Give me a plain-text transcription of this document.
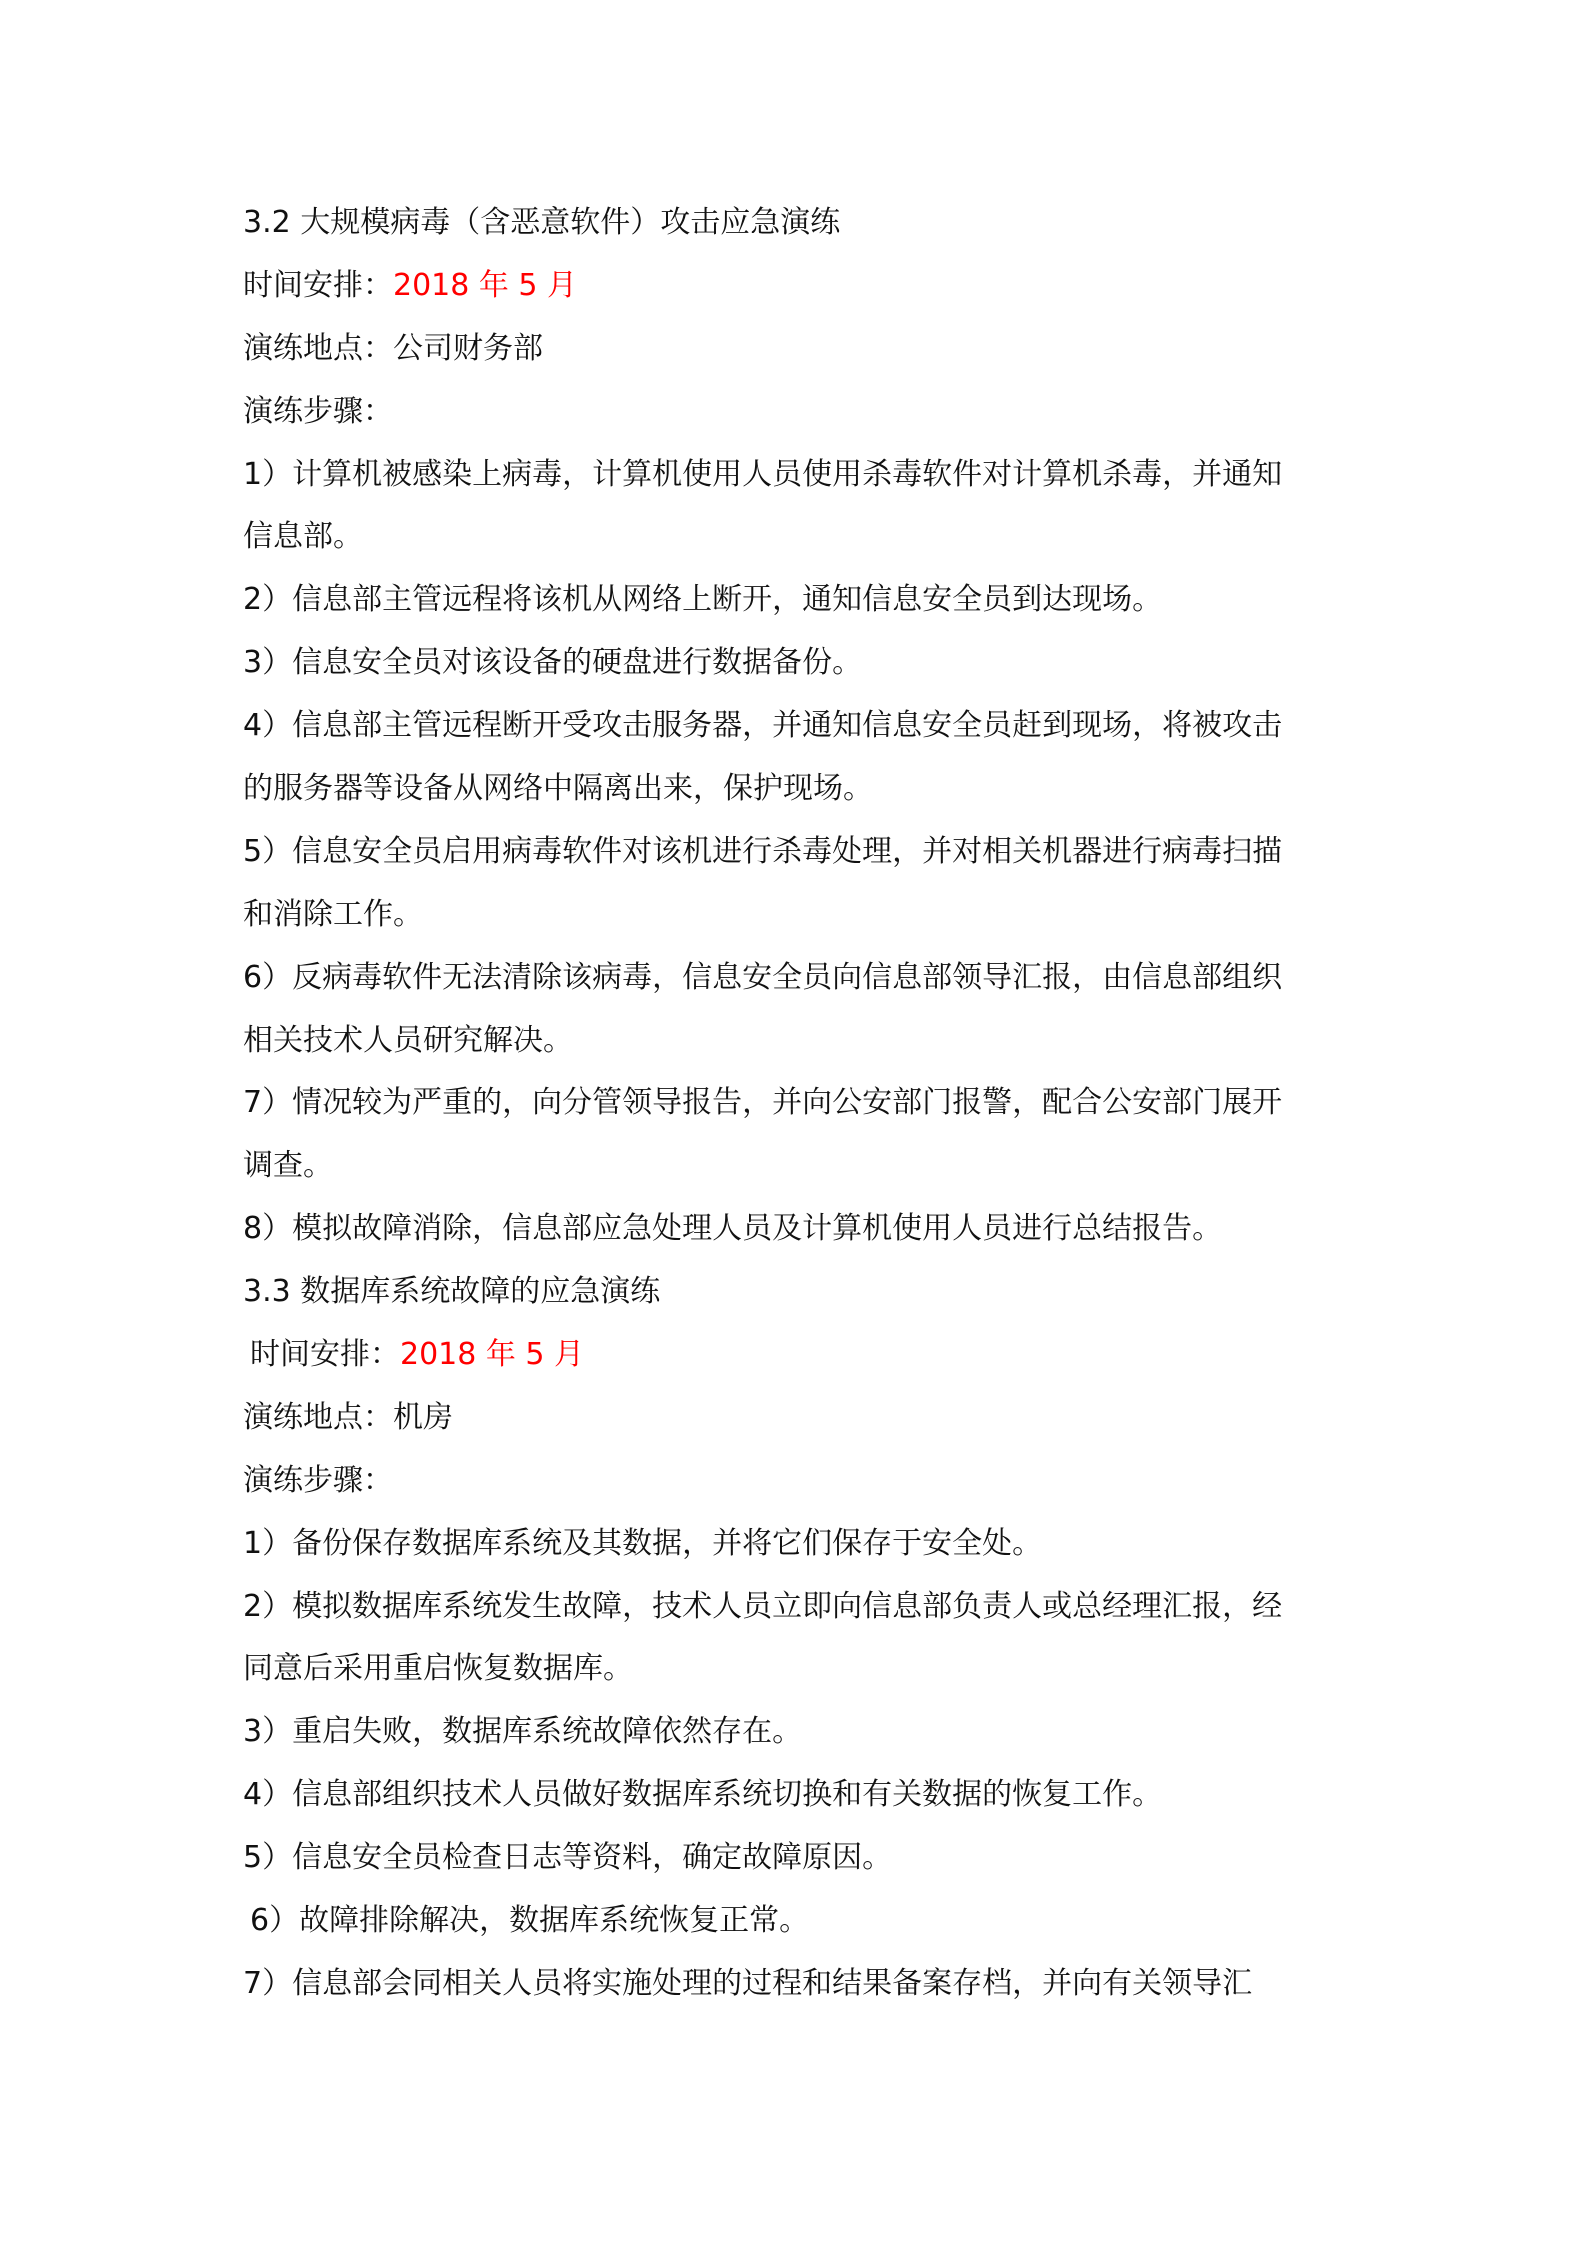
3.2 大规模病毒（含恶意软件）攻击应急演练
时间安排：2018 年 5 月
演练地点：公司财务部
演练步骤：
1）计算机被感染上病毒，计算机使用人员使用杀毒软件对计算机杀毒，并通知
信息部。
2）信息部主管远程将该机从网络上断开，通知信息安全员到达现场。
3）信息安全员对该设备的硬盘进行数据备份。
4）信息部主管远程断开受攻击服务器，并通知信息安全员赶到现场，将被攻击
的服务器等设备从网络中隔离出来，保护现场。
5）信息安全员启用病毒软件对该机进行杀毒处理，并对相关机器进行病毒扫描
和消除工作。
6）反病毒软件无法清除该病毒，信息安全员向信息部领导汇报，由信息部组织
相关技术人员研究解决。
7）情况较为严重的，向分管领导报告，并向公安部门报警，配合公安部门展开
调查。
8）模拟故障消除，信息部应急处理人员及计算机使用人员进行总结报告。
3.3 数据库系统故障的应急演练
时间安排：2018 年 5 月
演练地点：机房
演练步骤：
1）备份保存数据库系统及其数据，并将它们保存于安全处。
2）模拟数据库系统发生故障，技术人员立即向信息部负责人或总经理汇报，经
同意后采用重启恢复数据库。
3）重启失败，数据库系统故障依然存在。
4）信息部组织技术人员做好数据库系统切换和有关数据的恢复工作。
5）信息安全员检查日志等资料，确定故障原因。
6）故障排除解决，数据库系统恢复正常。
7）信息部会同相关人员将实施处理的过程和结果备案存档，并向有关领导汇
